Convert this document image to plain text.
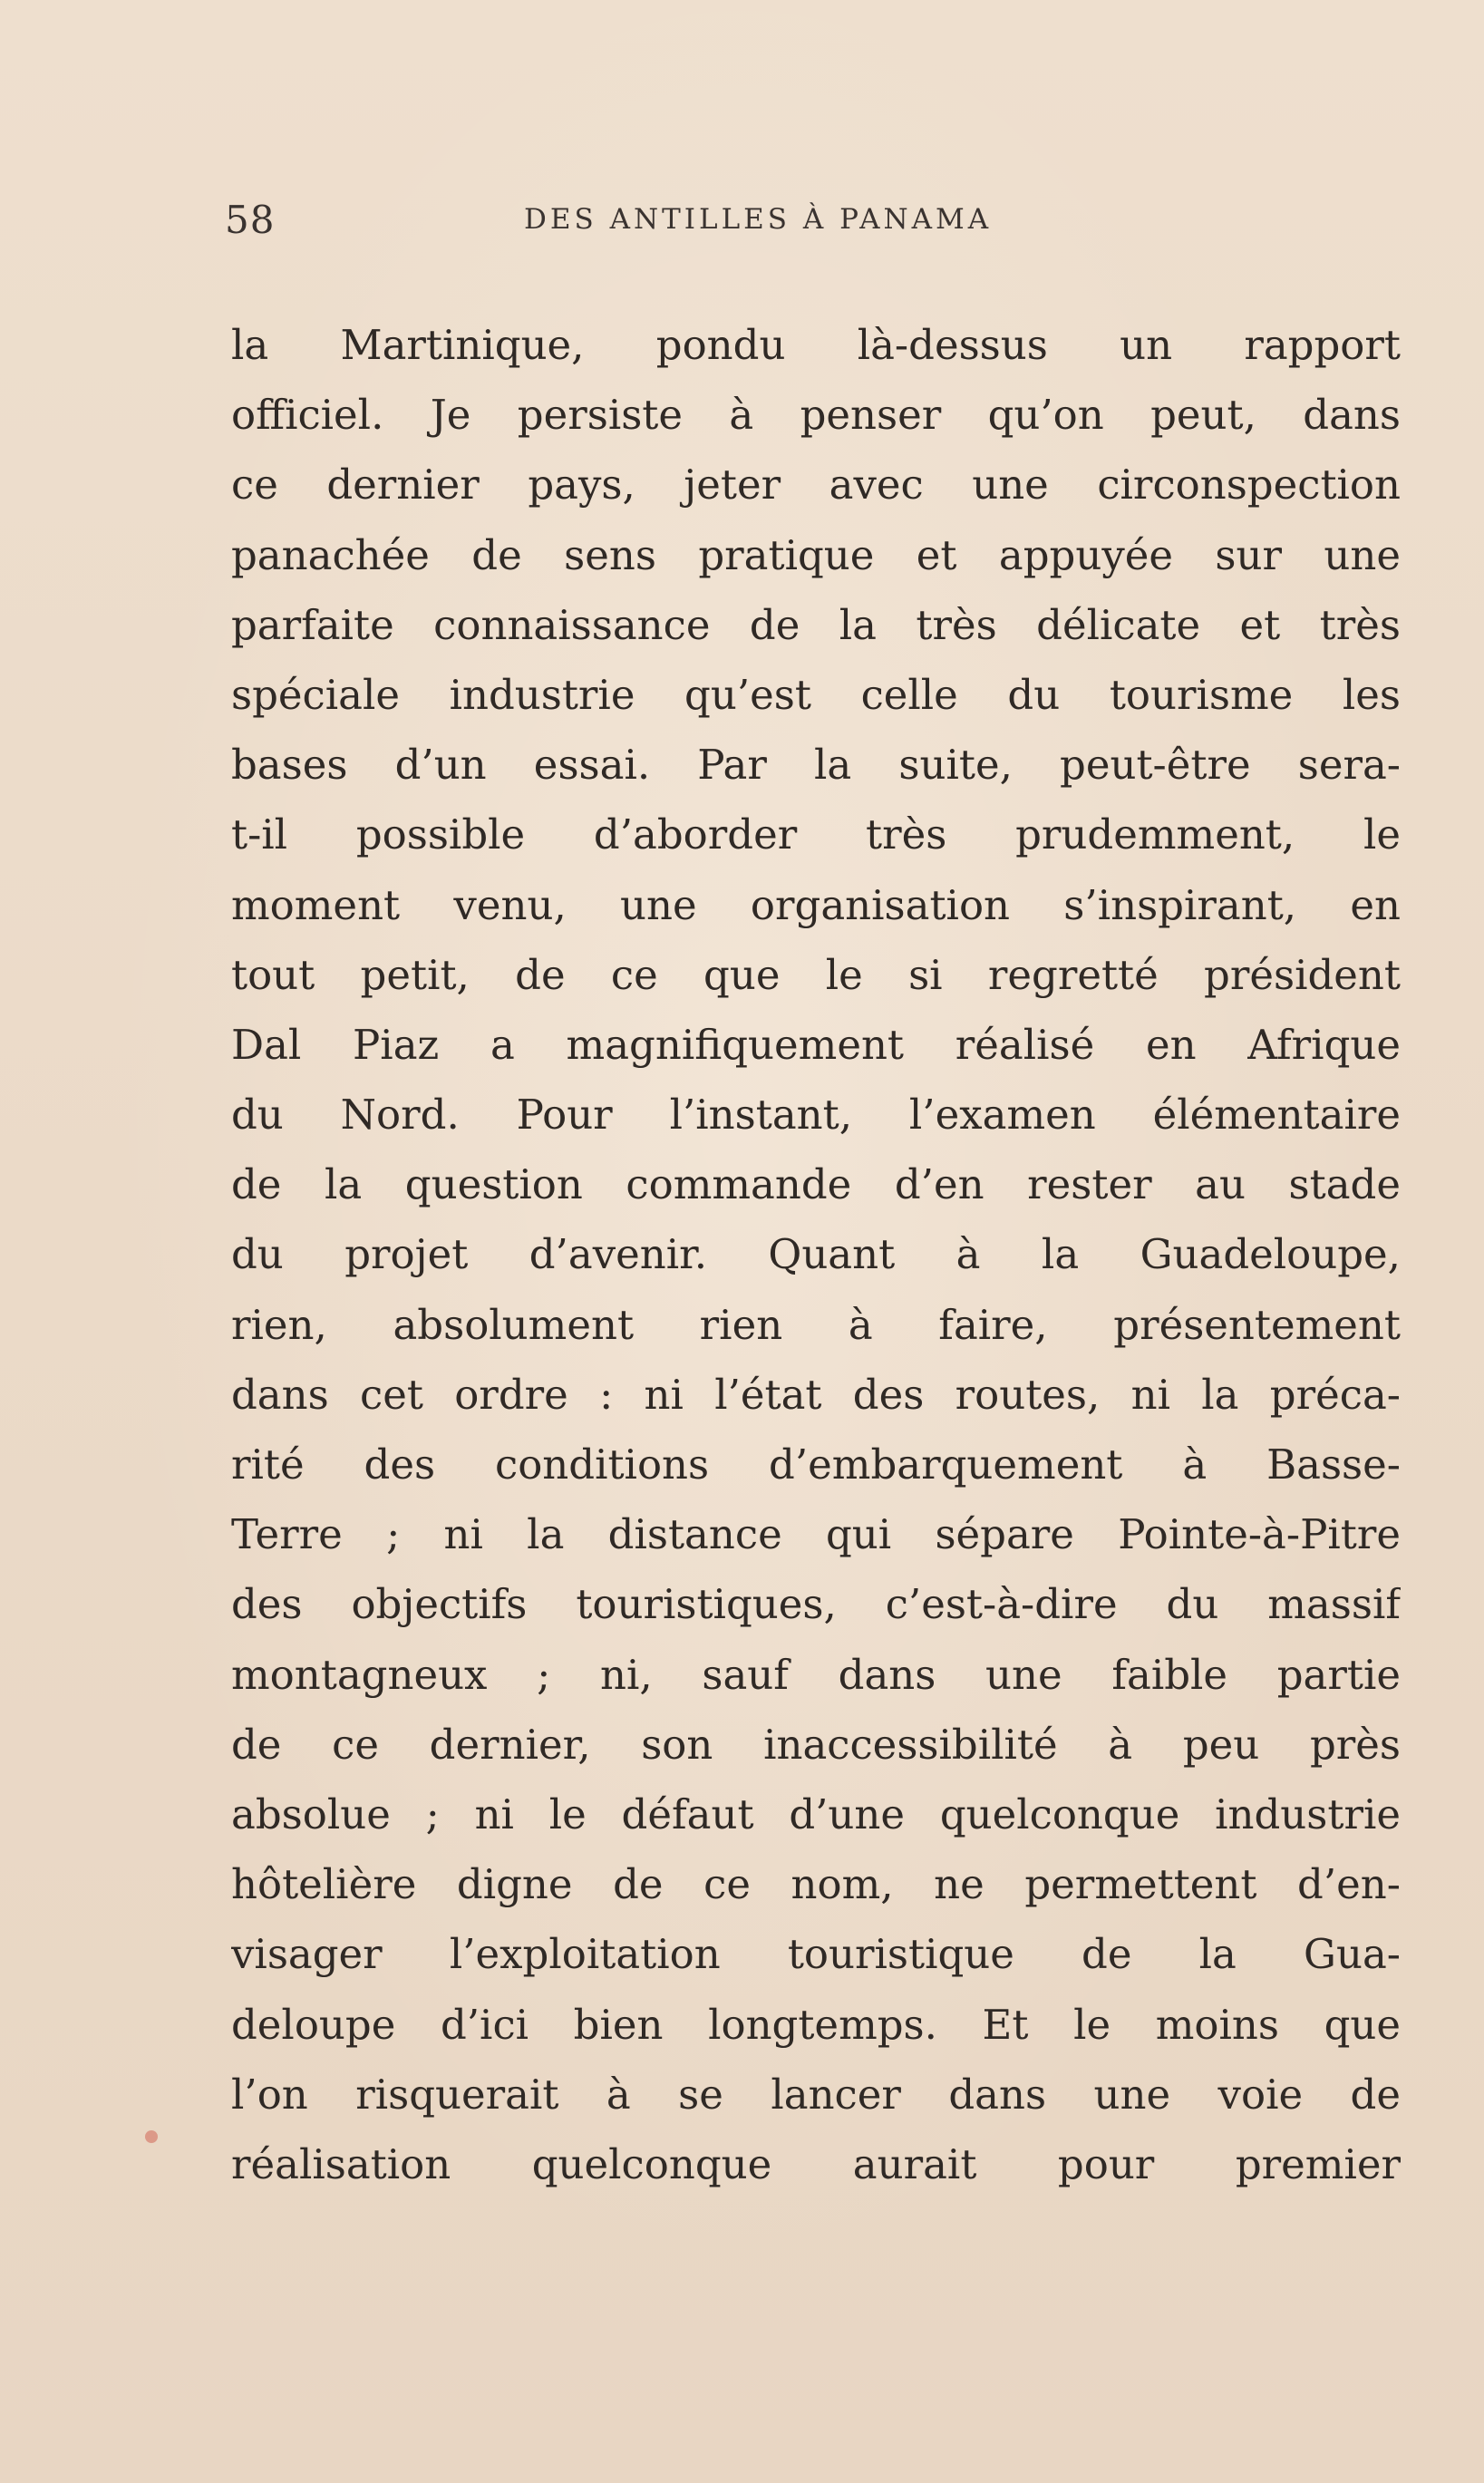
58	DES ANTILLES À PANAMA
la Martinique, pondu là-dessus un rapport
officiel. Je persiste à penser qu’on peut, dans
ce dernier pays, jeter avec une circonspection
panachée de sens pratique et appuyée sur une
parfaite connaissance de la très délicate et très
spéciale industrie qu’est celle du tourisme les
bases d’un essai. Par la suite, peut-être sera-
t-il possible d’aborder très prudemment, le
moment venu, une organisation s’inspirant, en
tout petit, de ce que le si regretté président
Dal Piaz a magnifiquement réalisé en Afrique
du Nord. Pour l’instant, l’examen élémentaire
de la question commande d’en rester au stade
du projet d’avenir. Quant à la Guadeloupe,
rien, absolument rien à faire, présentement
dans cet ordre : ni l’état des routes, ni la préca-
rité des conditions d’embarquement à Basse-
Terre ; ni la distance qui sépare Pointe-à-Pitre
des objectifs touristiques, c’est-à-dire du massif
montagneux ; ni, sauf dans une faible partie
de ce dernier, son inaccessibilité à peu près
absolue ; ni le défaut d’une quelconque industrie
hôtelière digne de ce nom, ne permettent d’en-
visager l’exploitation touristique de la Gua-
deloupe d’ici bien longtemps. Et le moins que
l’on risquerait à se lancer dans une voie de
réalisation quelconque aurait pour premier
